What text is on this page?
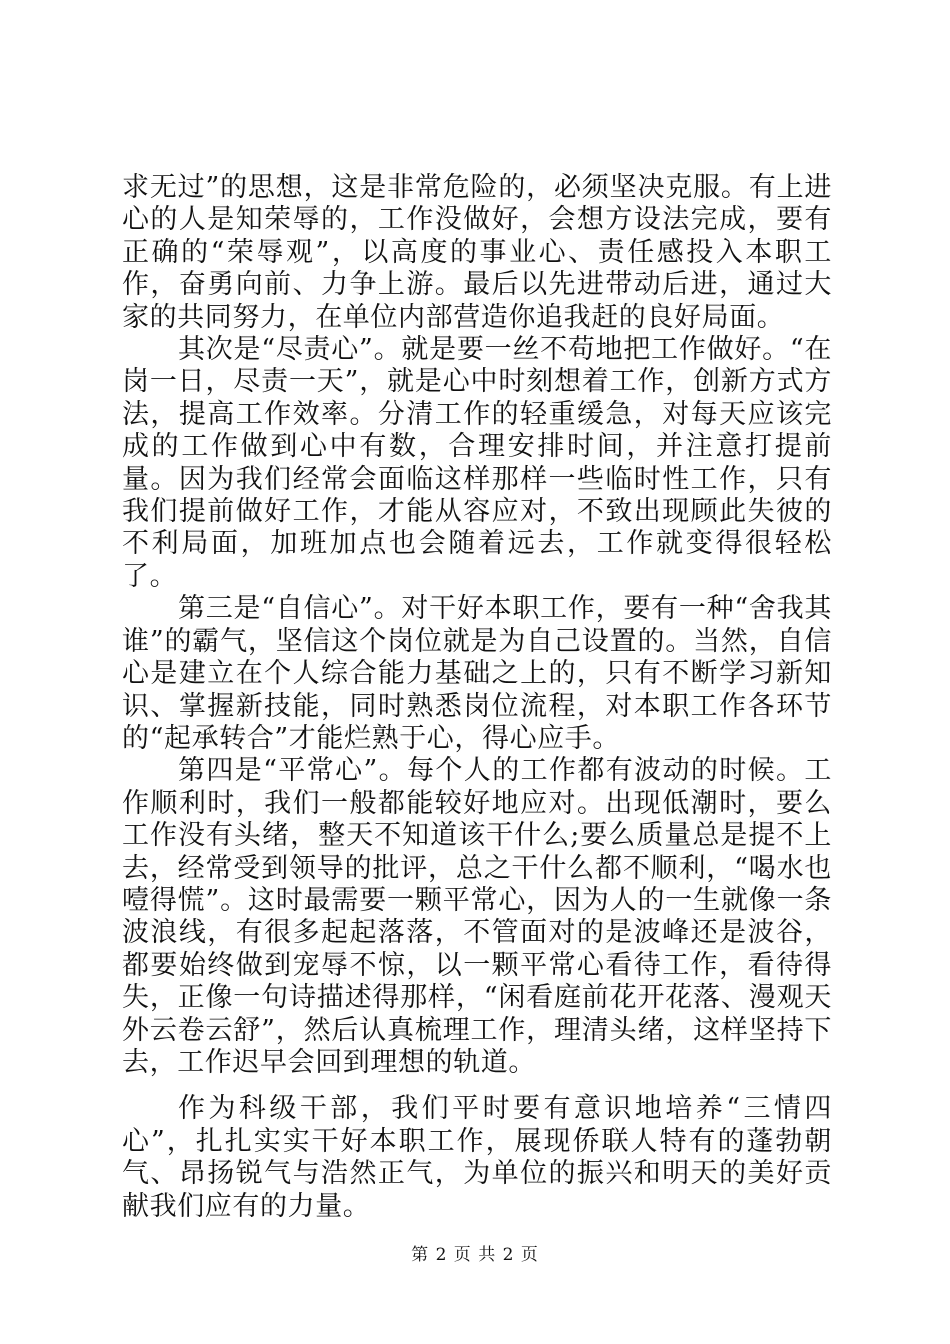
求无过”的思想，这是非常危险的，必须坚决克服。有上进心的人是知荣辱的，工作没做好，会想方设法完成，要有正确的“荣辱观”，以高度的事业心、责任感投入本职工作，奋勇向前、力争上游。最后以先进带动后进，通过大家的共同努力，在单位内部营造你追我赶的良好局面。

其次是“尽责心”。就是要一丝不苟地把工作做好。“在岗一日，尽责一天”，就是心中时刻想着工作，创新方式方法，提高工作效率。分清工作的轻重缓急，对每天应该完成的工作做到心中有数，合理安排时间，并注意打提前量。因为我们经常会面临这样那样一些临时性工作，只有我们提前做好工作，才能从容应对，不致出现顾此失彼的不利局面，加班加点也会随着远去，工作就变得很轻松了。

第三是“自信心”。对干好本职工作，要有一种“舍我其谁”的霸气，坚信这个岗位就是为自己设置的。当然，自信心是建立在个人综合能力基础之上的，只有不断学习新知识、掌握新技能，同时熟悉岗位流程，对本职工作各环节的“起承转合”才能烂熟于心，得心应手。

第四是“平常心”。每个人的工作都有波动的时候。工作顺利时，我们一般都能较好地应对。出现低潮时，要么工作没有头绪，整天不知道该干什么;要么质量总是提不上去，经常受到领导的批评，总之干什么都不顺利，“喝水也噎得慌”。这时最需要一颗平常心，因为人的一生就像一条波浪线，有很多起起落落，不管面对的是波峰还是波谷，都要始终做到宠辱不惊，以一颗平常心看待工作，看待得失，正像一句诗描述得那样，“闲看庭前花开花落、漫观天外云卷云舒”，然后认真梳理工作，理清头绪，这样坚持下去，工作迟早会回到理想的轨道。

作为科级干部，我们平时要有意识地培养“三情四心”，扎扎实实干好本职工作，展现侨联人特有的蓬勃朝气、昂扬锐气与浩然正气，为单位的振兴和明天的美好贡献我们应有的力量。

第 2 页 共 2 页
